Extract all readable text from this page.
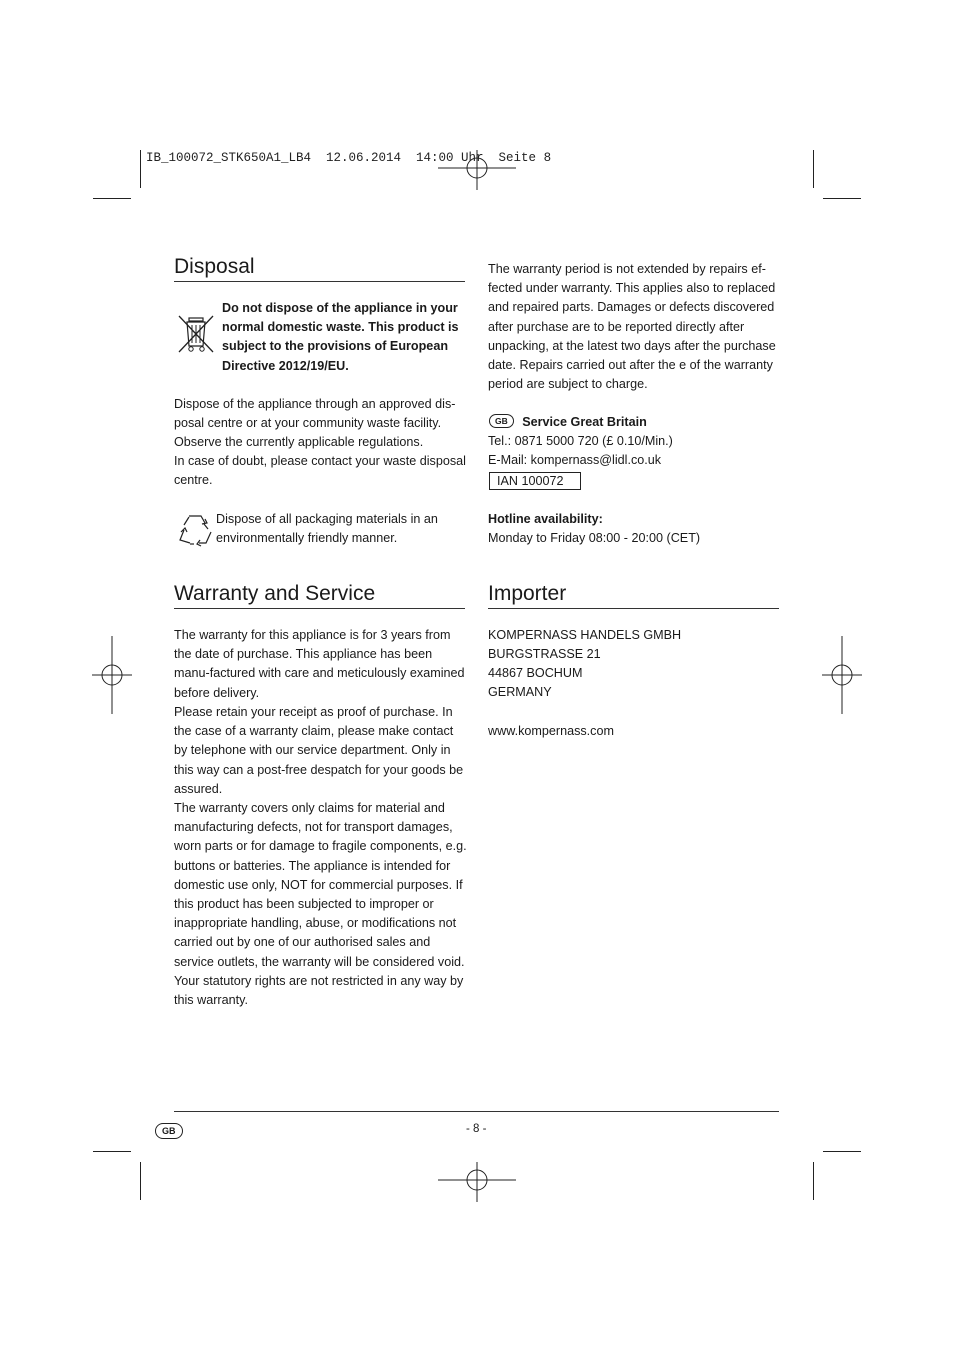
IB_100072_STK650A1_LB4  12.06.2014  14:00 Uhr  Seite 8
Disposal
Do not dispose of the appliance in your normal domestic waste. This product is subject to the provisions of European Directive 2012/19/EU.
Dispose of the appliance through an approved dis-posal centre or at your community waste facility. Observe the currently applicable regulations.
In case of doubt, please contact your waste disposal centre.
Dispose of all packaging materials in an environmentally friendly manner.
Warranty and Service
The warranty for this appliance is for 3 years from the date of purchase. This appliance has been manu-factured with care and meticulously examined before delivery.
Please retain your receipt as proof of purchase. In the case of a warranty claim, please make contact by telephone with our service department. Only in this way can a post-free despatch for your goods be assured.
The warranty covers only claims for material and manufacturing defects, not for transport damages, worn parts or for damage to fragile components, e.g. buttons or batteries. The appliance is intended for domestic use only, NOT for commercial purposes. If this product has been subjected to improper or inappropriate handling, abuse, or modifications not carried out by one of our authorised sales and service outlets, the warranty will be considered void. Your statutory rights are not restricted in any way by this warranty.
The warranty period is not extended by repairs ef-fected under warranty. This applies also to replaced and repaired parts. Damages or defects discovered after purchase are to be reported directly after unpacking, at the latest two days after the purchase date. Repairs carried out after the e of the warranty period are subject to charge.
GB Service Great Britain
Tel.: 0871 5000 720 (£ 0.10/Min.)
E-Mail: kompernass@lidl.co.uk
IAN 100072
Hotline availability:
Monday to Friday 08:00 - 20:00 (CET)
Importer
KOMPERNASS HANDELS GMBH
BURGSTRASSE 21
44867 BOCHUM
GERMANY
www.kompernass.com
GB	- 8 -
